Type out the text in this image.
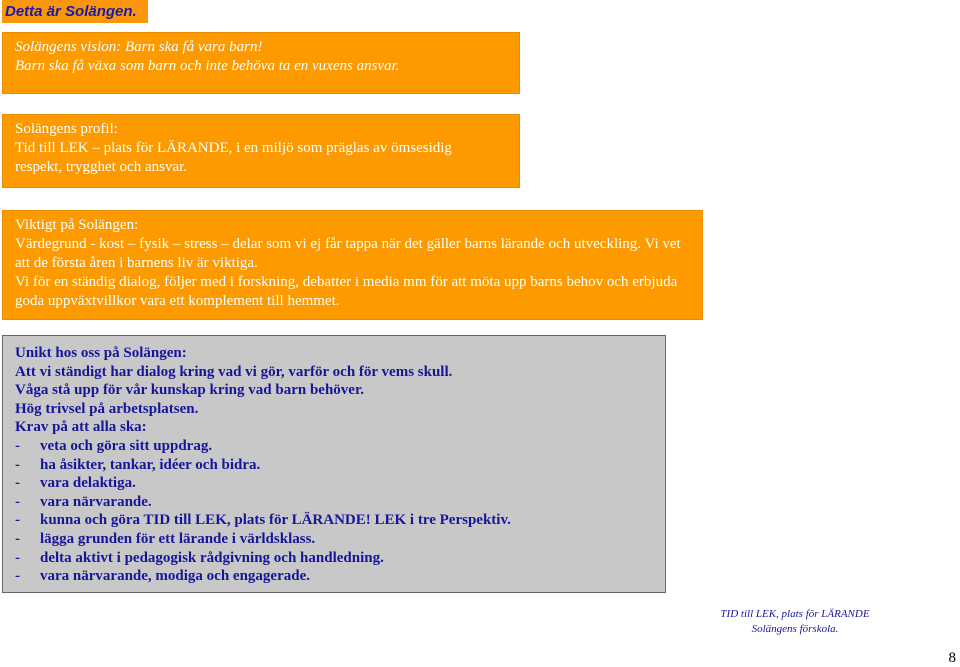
Detta är Solängen.

Solängens vision: Barn ska få vara barn!

Barn ska få växa som barn och inte behöva ta en vuxens ansvar.

Solängens profil:

Tid till LEK – plats för LÄRANDE, i en miljö som präglas av ömsesidig respekt, trygghet och ansvar.

Viktigt på Solängen:

Värdegrund - kost – fysik – stress – delar som vi ej får tappa när det gäller barns lärande och utveckling. Vi vet att de första åren i barnens liv är viktiga.

Vi för en ständig dialog, följer med i forskning, debatter i media mm för att möta upp barns behov och erbjuda goda uppväxtvillkor vara ett komplement till hemmet.

Unikt hos oss på Solängen:

Att vi ständigt har dialog kring vad vi gör, varför och för vems skull.

Våga stå upp för vår kunskap kring vad barn behöver.

Hög trivsel på arbetsplatsen.

Krav på att alla ska:

-	veta och göra sitt uppdrag.

-	ha åsikter, tankar, idéer och bidra.

-	vara delaktiga.

-	vara närvarande.

-	kunna och göra TID till LEK, plats för LÄRANDE! LEK i tre Perspektiv.

-	lägga grunden för ett lärande i världsklass.

-	delta aktivt i pedagogisk rådgivning och handledning.

-	vara närvarande, modiga och engagerade.

TID till LEK, plats för LÄRANDE

Solängens förskola.

8
